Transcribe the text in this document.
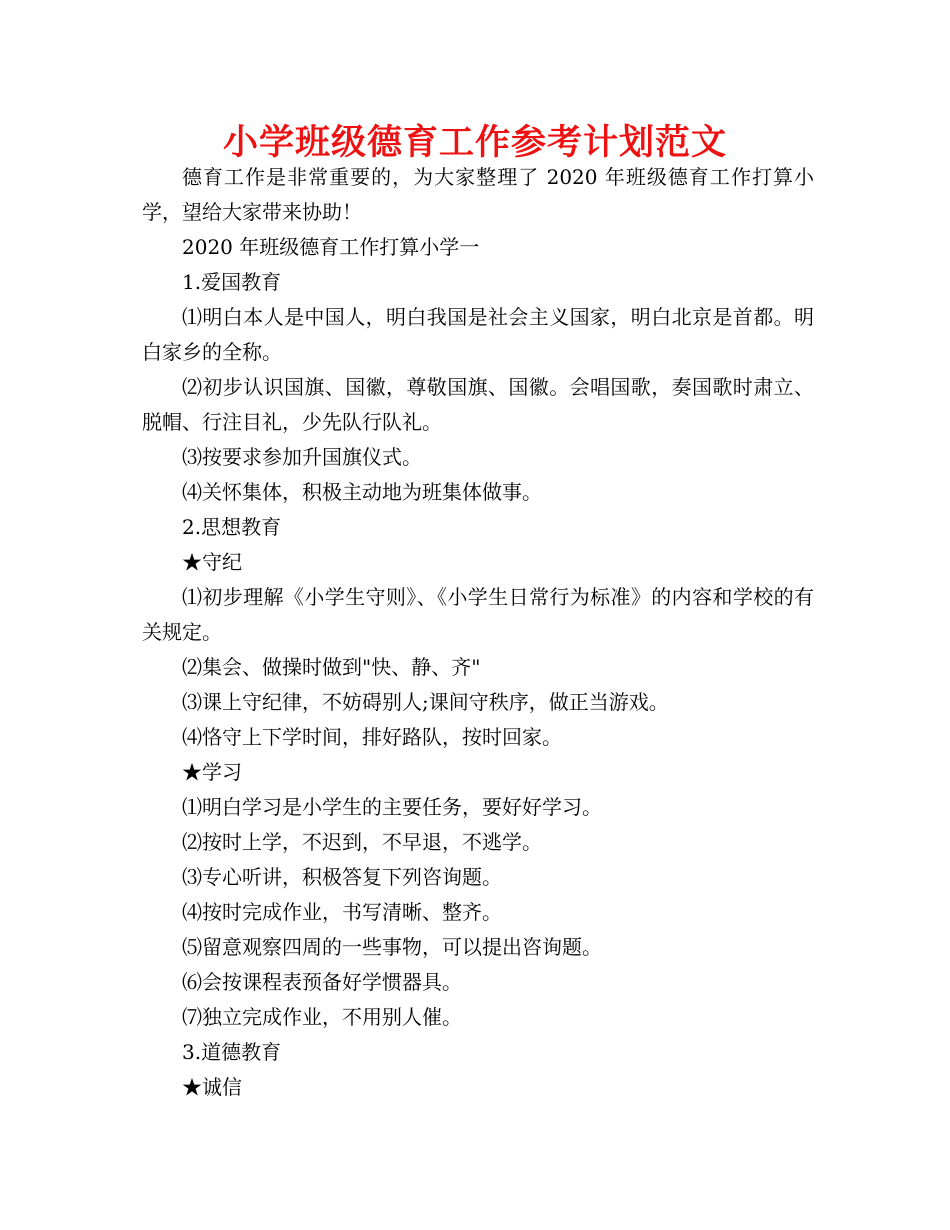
小学班级德育工作参考计划范文

德育工作是非常重要的，为大家整理了 2020 年班级德育工作打算小学，望给大家带来协助！

2020 年班级德育工作打算小学一

1.爱国教育

⑴明白本人是中国人，明白我国是社会主义国家，明白北京是首都。明白家乡的全称。

⑵初步认识国旗、国徽，尊敬国旗、国徽。会唱国歌，奏国歌时肃立、脱帽、行注目礼，少先队行队礼。

⑶按要求参加升国旗仪式。

⑷关怀集体，积极主动地为班集体做事。

2.思想教育

★守纪

⑴初步理解《小学生守则》、《小学生日常行为标准》的内容和学校的有关规定。

⑵集会、做操时做到"快、静、齐"

⑶课上守纪律，不妨碍别人;课间守秩序，做正当游戏。

⑷恪守上下学时间，排好路队，按时回家。

★学习

⑴明白学习是小学生的主要任务，要好好学习。

⑵按时上学，不迟到，不早退，不逃学。

⑶专心听讲，积极答复下列咨询题。

⑷按时完成作业，书写清晰、整齐。

⑸留意观察四周的一些事物，可以提出咨询题。

⑹会按课程表预备好学惯器具。

⑺独立完成作业，不用别人催。

3.道德教育

★诚信
